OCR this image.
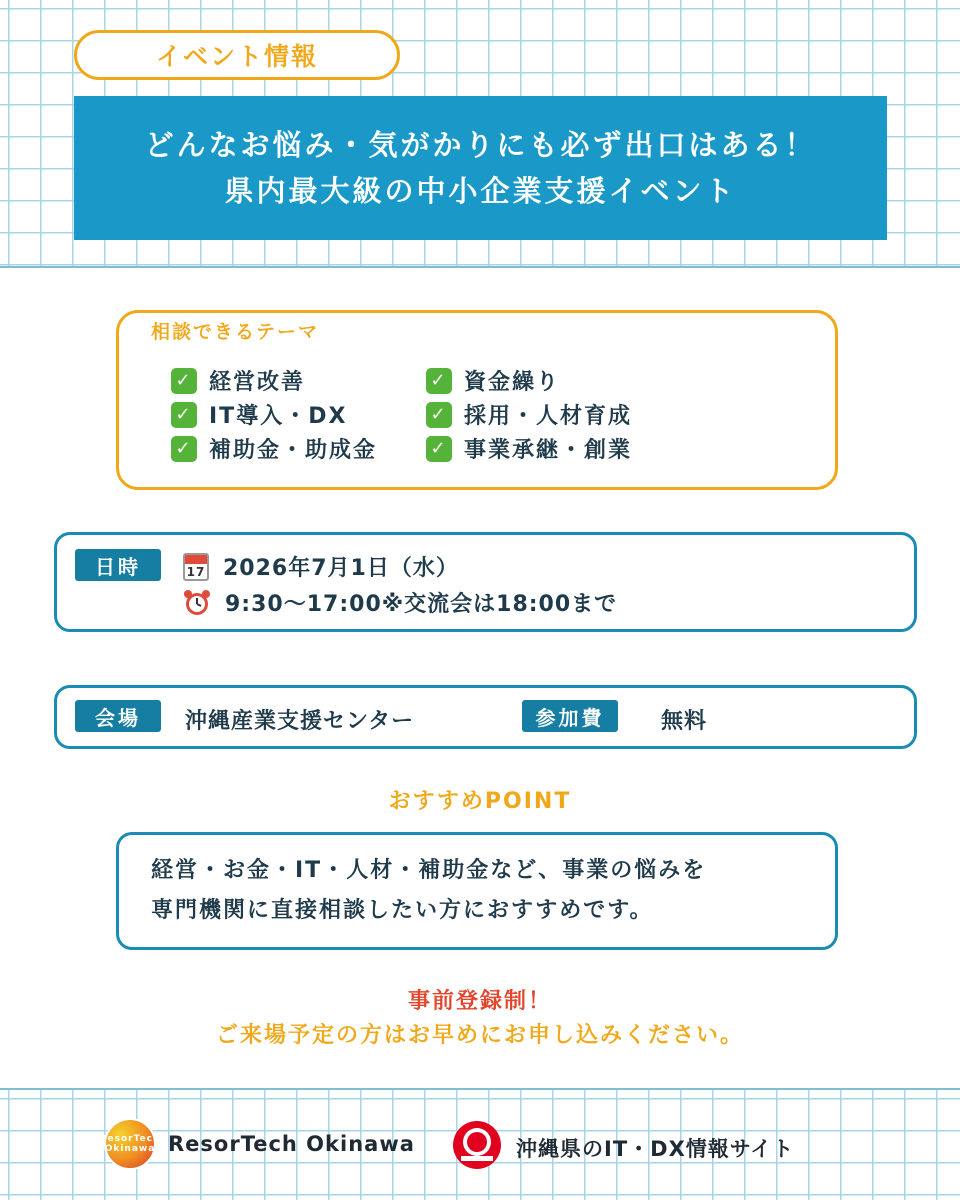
イベント情報
どんなお悩み・気がかりにも必ず出口はある！
県内最大級の中小企業支援イベント
相談できるテーマ
✓ 経営改善	✓ 資金繰り
✓ IT導入・DX	✓ 採用・人材育成
✓ 補助金・助成金	✓ 事業承継・創業
日時	17 2026年7月1日（水）
9:30〜17:00※交流会は18:00まで
会場	沖縄産業支援センター	参加費	無料
おすすめPOINT
経営・お金・IT・人材・補助金など、事業の悩みを
専門機関に直接相談したい方におすすめです。
事前登録制！
ご来場予定の方はお早めにお申し込みください。
ResorTech
Okinawa ResorTech Okinawa	沖縄県のIT・DX情報サイト
